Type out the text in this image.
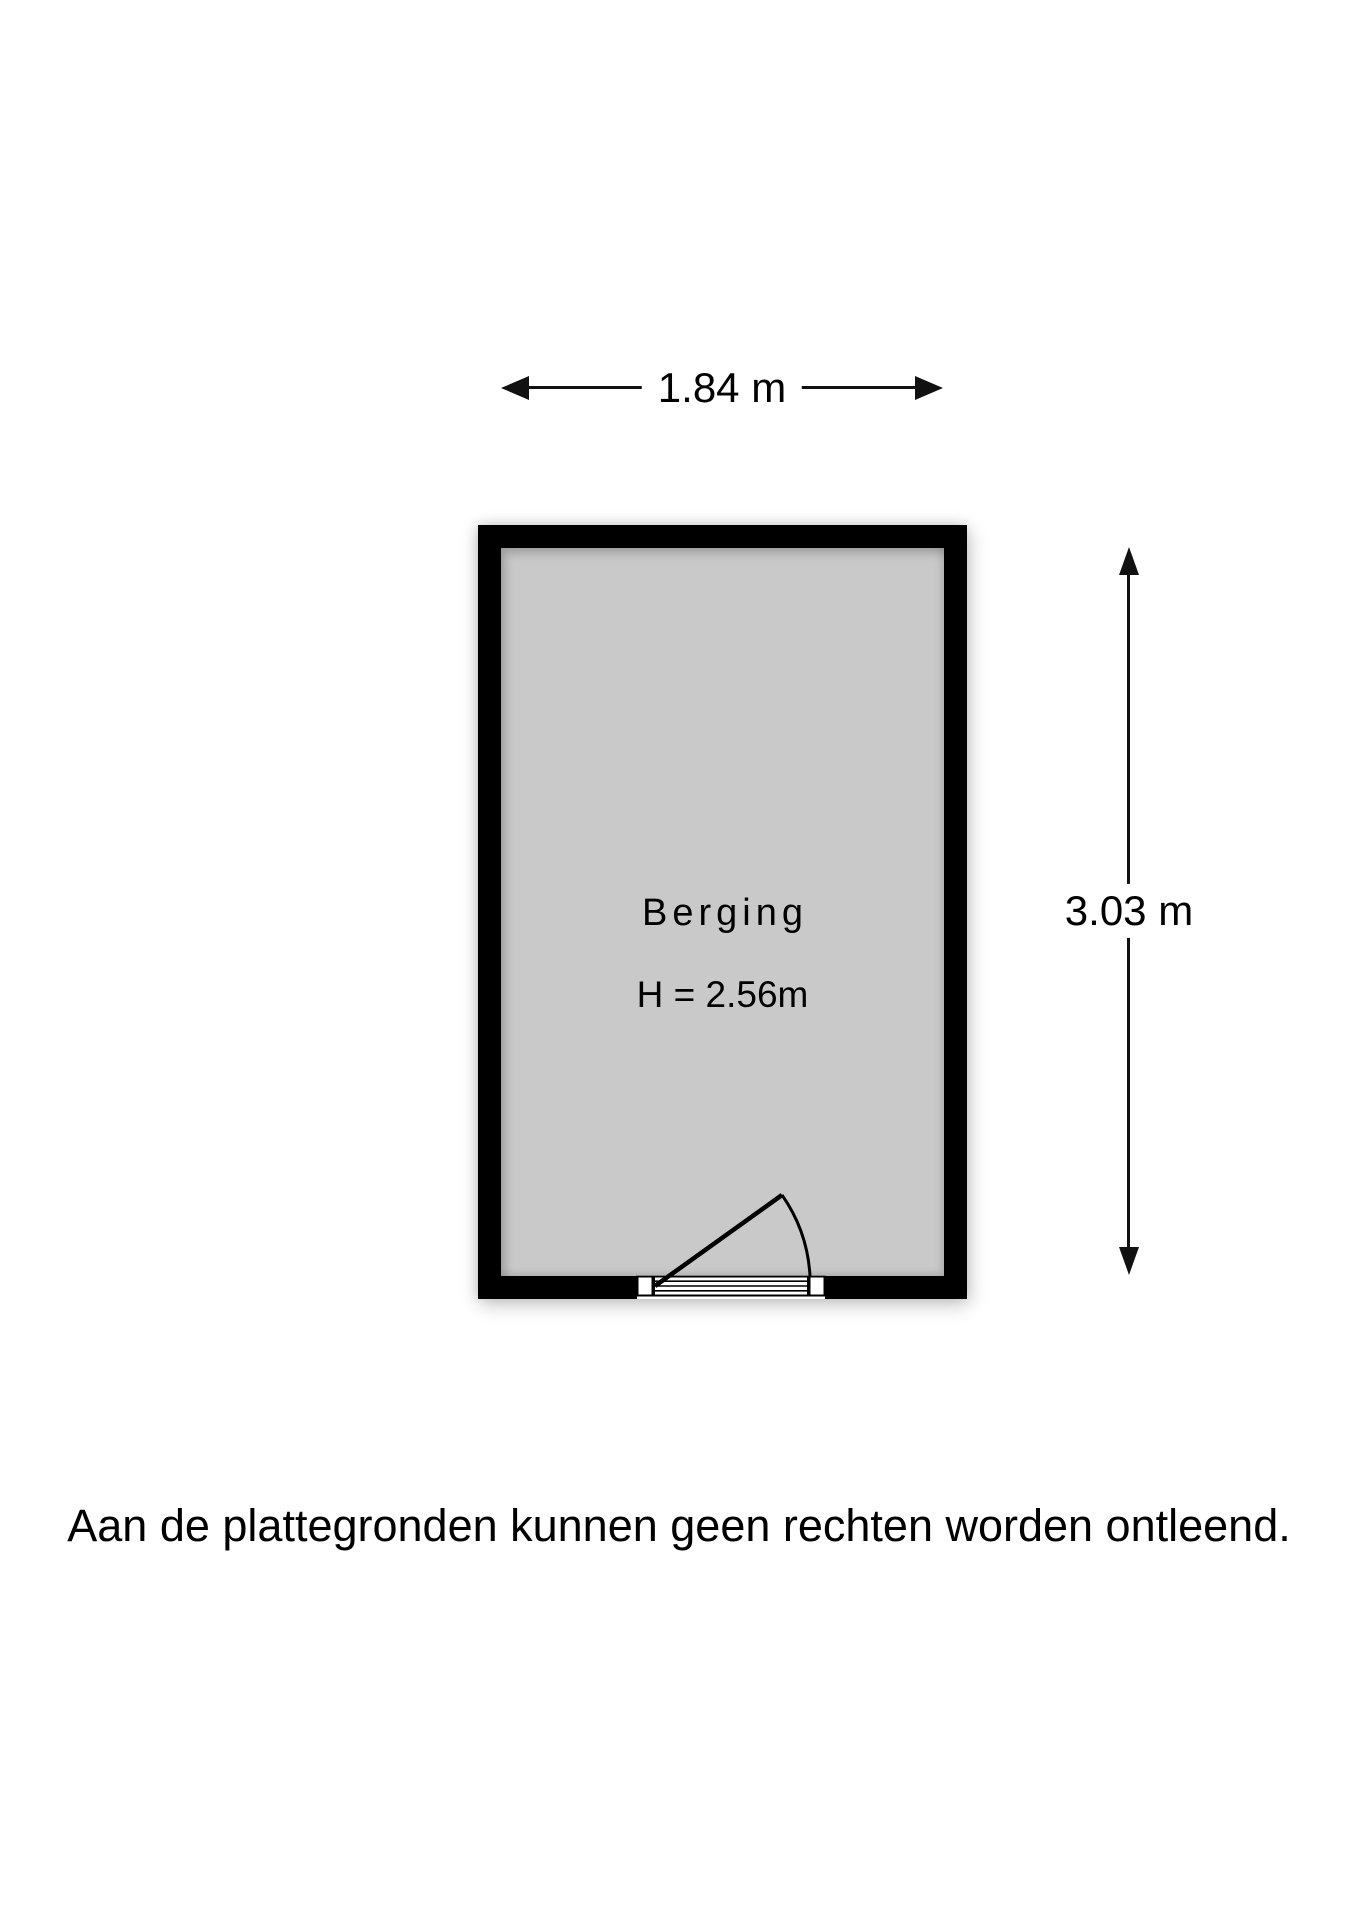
1.84 m
Berging
H = 2.56m
3.03 m
Aan de plattegronden kunnen geen rechten worden ontleend.
